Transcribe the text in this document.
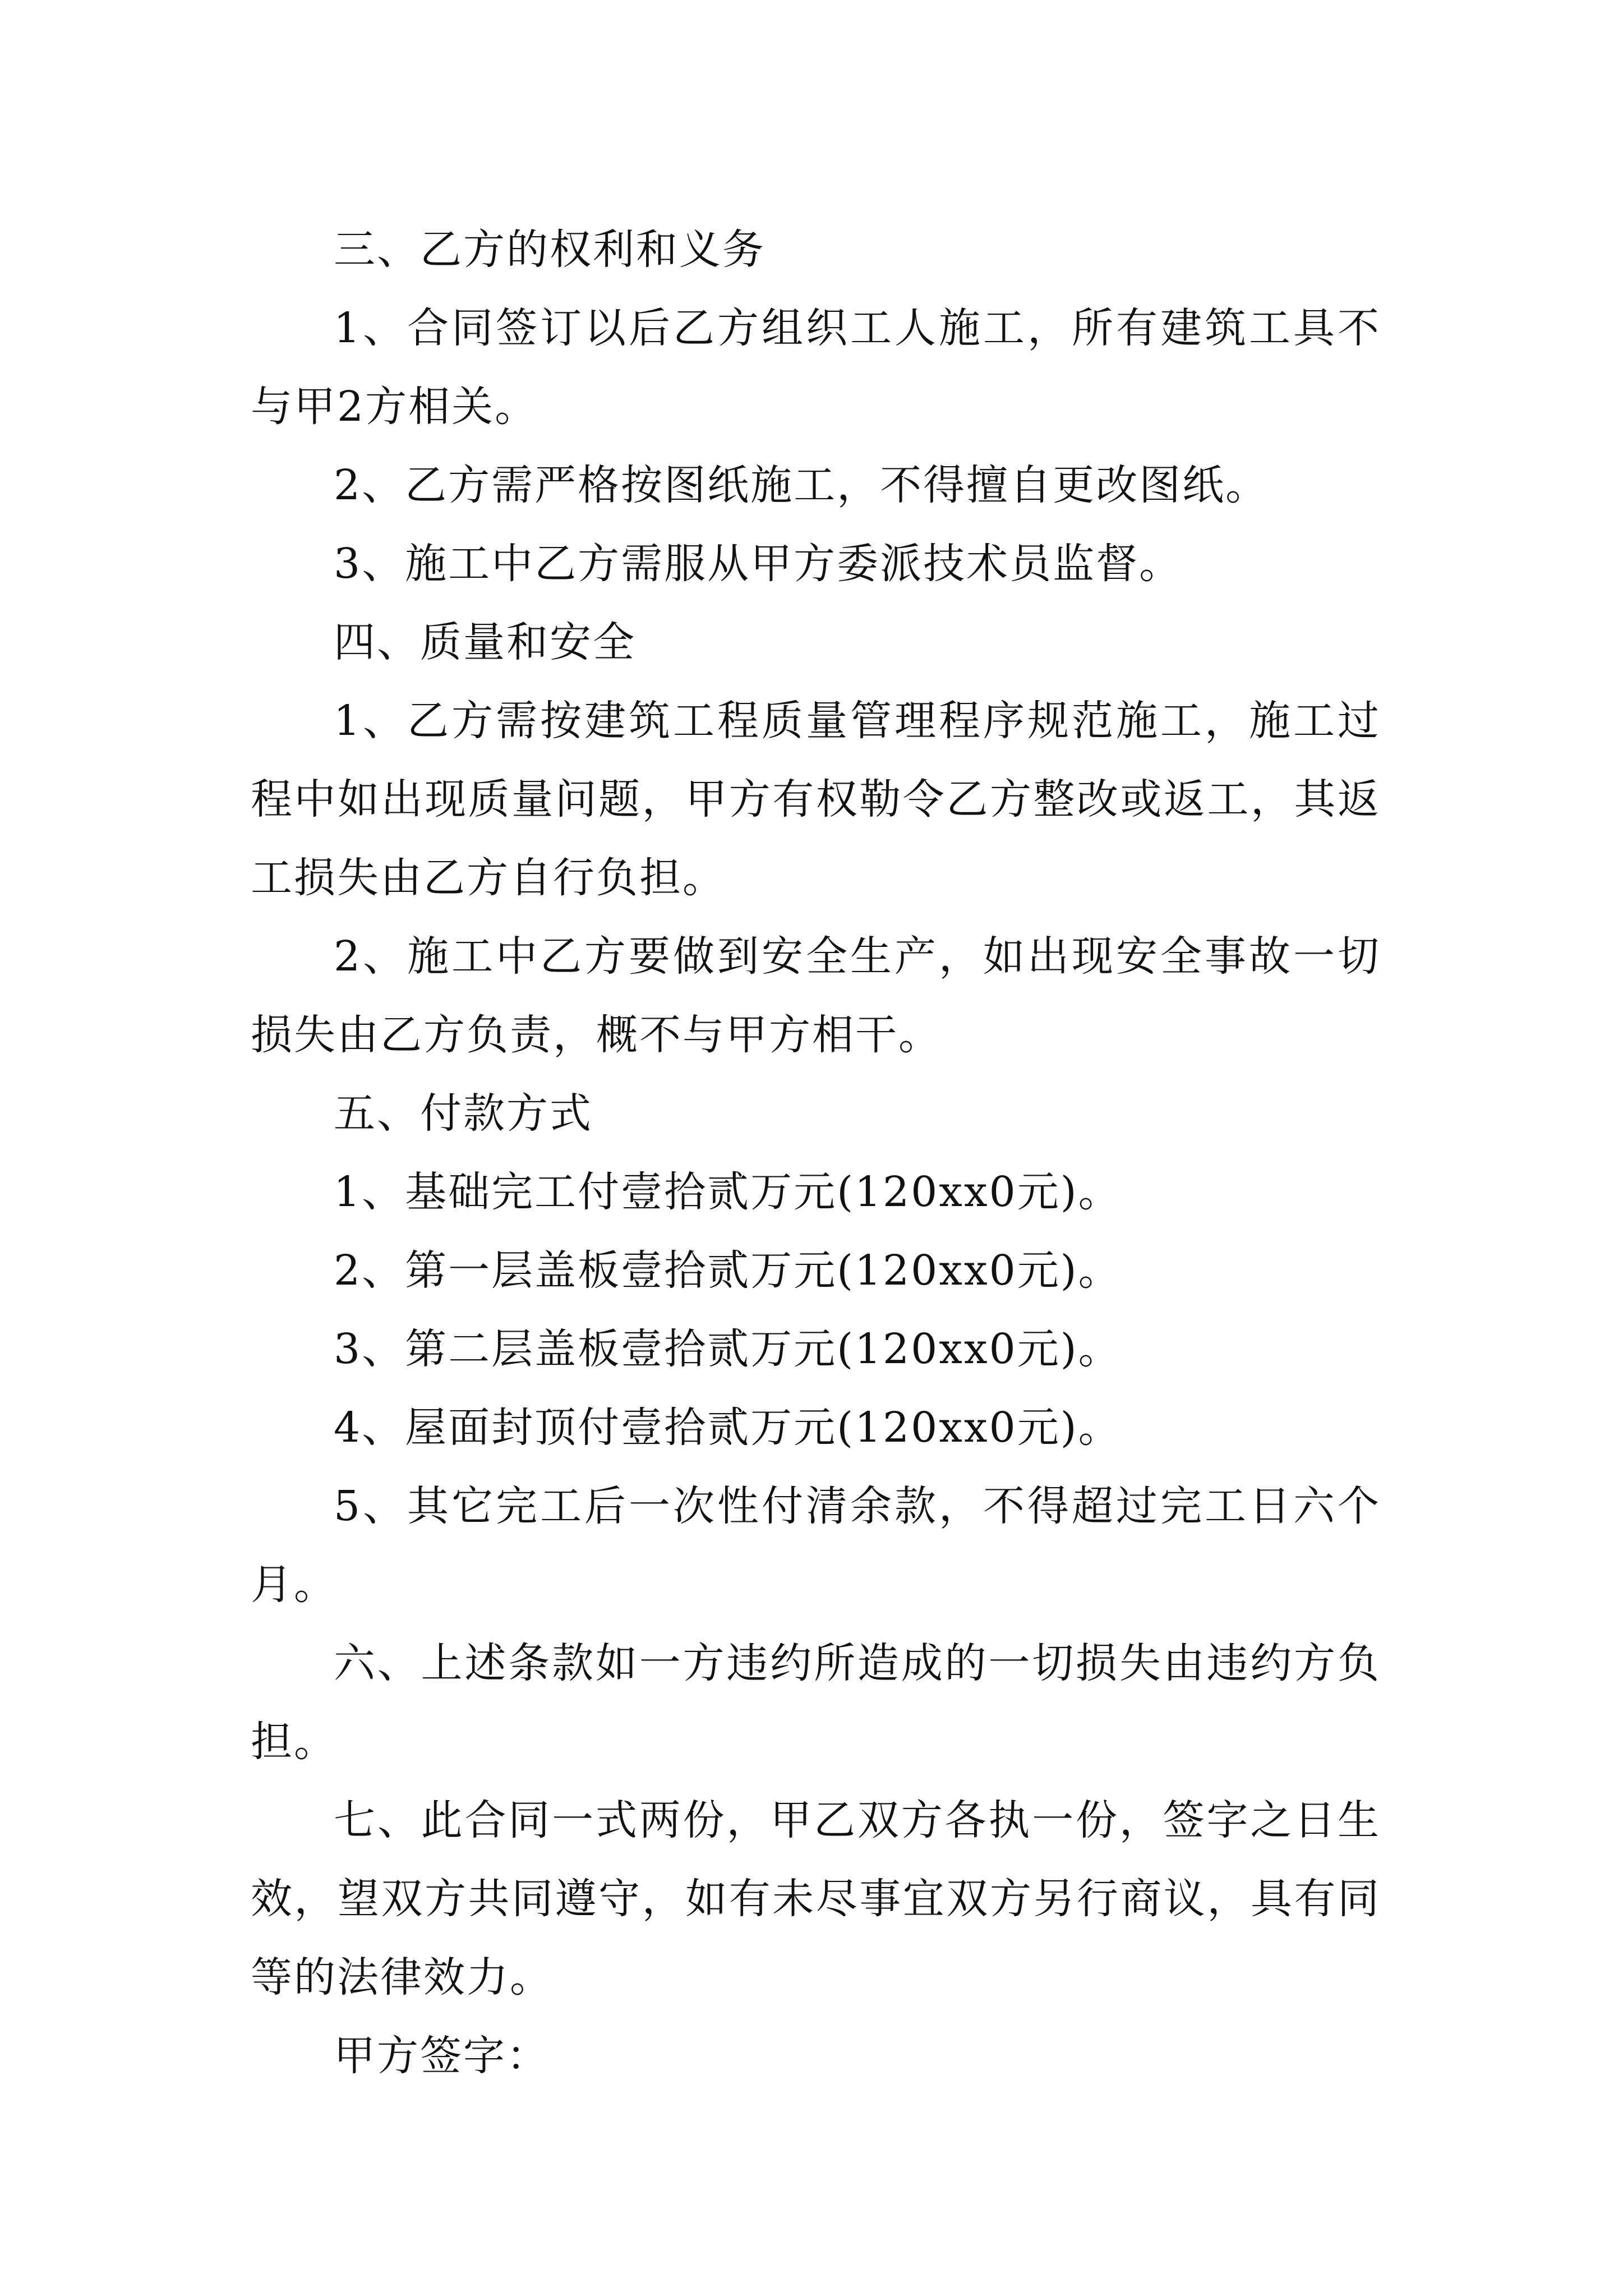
三、乙方的权利和义务

1、合同签订以后乙方组织工人施工，所有建筑工具不与甲2方相关。

2、乙方需严格按图纸施工，不得擅自更改图纸。

3、施工中乙方需服从甲方委派技术员监督。

四、质量和安全

1、乙方需按建筑工程质量管理程序规范施工，施工过程中如出现质量问题，甲方有权勒令乙方整改或返工，其返工损失由乙方自行负担。

2、施工中乙方要做到安全生产，如出现安全事故一切损失由乙方负责，概不与甲方相干。

五、付款方式

1、基础完工付壹拾贰万元(120xx0元)。

2、第一层盖板壹拾贰万元(120xx0元)。

3、第二层盖板壹拾贰万元(120xx0元)。

4、屋面封顶付壹拾贰万元(120xx0元)。

5、其它完工后一次性付清余款，不得超过完工日六个月。

六、上述条款如一方违约所造成的一切损失由违约方负担。

七、此合同一式两份，甲乙双方各执一份，签字之日生效，望双方共同遵守，如有未尽事宜双方另行商议，具有同等的法律效力。

甲方签字：
